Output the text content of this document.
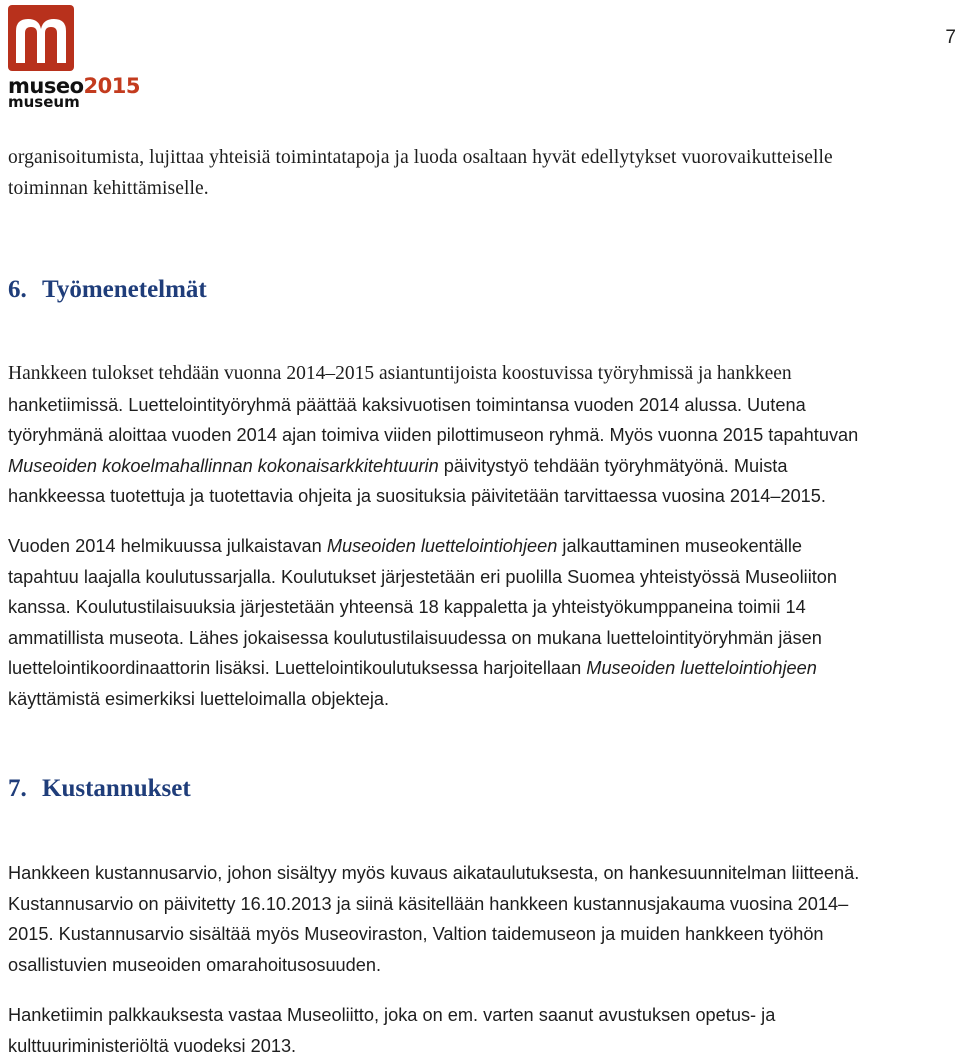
museo2015
museum
7
organisoitumista, lujittaa yhteisiä toimintatapoja ja luoda osaltaan hyvät edellytykset vuorovaikutteiselle
toiminnan kehittämiselle.
6. Työmenetelmät
Hankkeen tulokset tehdään vuonna 2014–2015 asiantuntijoista koostuvissa työryhmissä ja hankkeen
hanketiimissä. Luettelointityöryhmä päättää kaksivuotisen toimintansa vuoden 2014 alussa. Uutena
työryhmänä aloittaa vuoden 2014 ajan toimiva viiden pilottimuseon ryhmä. Myös vuonna 2015 tapahtuvan
Museoiden kokoelmahallinnan kokonaisarkkitehtuurin päivitystyö tehdään työryhmätyönä. Muista
hankkeessa tuotettuja ja tuotettavia ohjeita ja suosituksia päivitetään tarvittaessa vuosina 2014–2015.
Vuoden 2014 helmikuussa julkaistavan Museoiden luettelointiohjeen jalkauttaminen museokentälle
tapahtuu laajalla koulutussarjalla. Koulutukset järjestetään eri puolilla Suomea yhteistyössä Museoliiton
kanssa. Koulutustilaisuuksia järjestetään yhteensä 18 kappaletta ja yhteistyökumppaneina toimii 14
ammatillista museota. Lähes jokaisessa koulutustilaisuudessa on mukana luettelointityöryhmän jäsen
luettelointikoordinaattorin lisäksi. Luettelointikoulutuksessa harjoitellaan Museoiden luettelointiohjeen
käyttämistä esimerkiksi luetteloimalla objekteja.
7. Kustannukset
Hankkeen kustannusarvio, johon sisältyy myös kuvaus aikataulutuksesta, on hankesuunnitelman liitteenä.
Kustannusarvio on päivitetty 16.10.2013 ja siinä käsitellään hankkeen kustannusjakauma vuosina 2014–
2015. Kustannusarvio sisältää myös Museoviraston, Valtion taidemuseon ja muiden hankkeen työhön
osallistuvien museoiden omarahoitusosuuden.
Hanketiimin palkkauksesta vastaa Museoliitto, joka on em. varten saanut avustuksen opetus- ja
kulttuuriministeriöltä vuodeksi 2013.
